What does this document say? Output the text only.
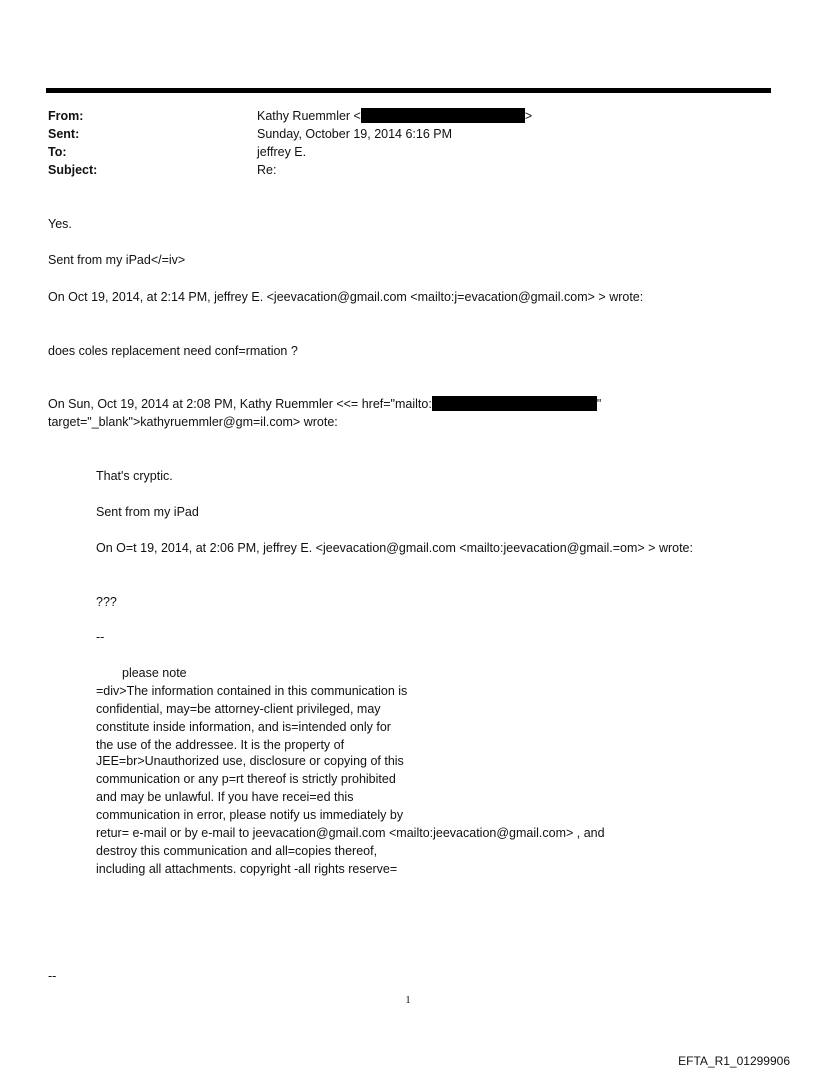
From:
Sent:
To:
Subject:
Kathy Ruemmler <	>
Sunday, October 19, 2014 6:16 PM
jeffrey E.
Re:
Yes.
Sent from my iPad</=iv>
On Oct 19, 2014, at 2:14 PM, jeffrey E. <jeevacation@gmail.com <mailto:j=evacation@gmail.com> > wrote:
does coles replacement need conf=rmation ?
On Sun, Oct 19, 2014 at 2:08 PM, Kathy Ruemmler <<= href="mailto:	"
target="_blank">kathyruemmler@gm=il.com> wrote:
That's cryptic.
Sent from my iPad
On O=t 19, 2014, at 2:06 PM, jeffrey E. <jeevacation@gmail.com <mailto:jeevacation@gmail.=om> > wrote:
???
--
please note
=div>The information contained in this communication is
confidential, may=be attorney-client privileged, may
constitute inside information, and is=intended only for
the use of the addressee. It is the property of
JEE=br>Unauthorized use, disclosure or copying of this
communication or any p=rt thereof is strictly prohibited
and may be unlawful. If you have recei=ed this
communication in error, please notify us immediately by
retur= e-mail or by e-mail to jeevacation@gmail.com <mailto:jeevacation@gmail.com> , and
destroy this communication and all=copies thereof,
including all attachments. copyright -all rights reserve=
--
1
EFTA_R1_01299906
